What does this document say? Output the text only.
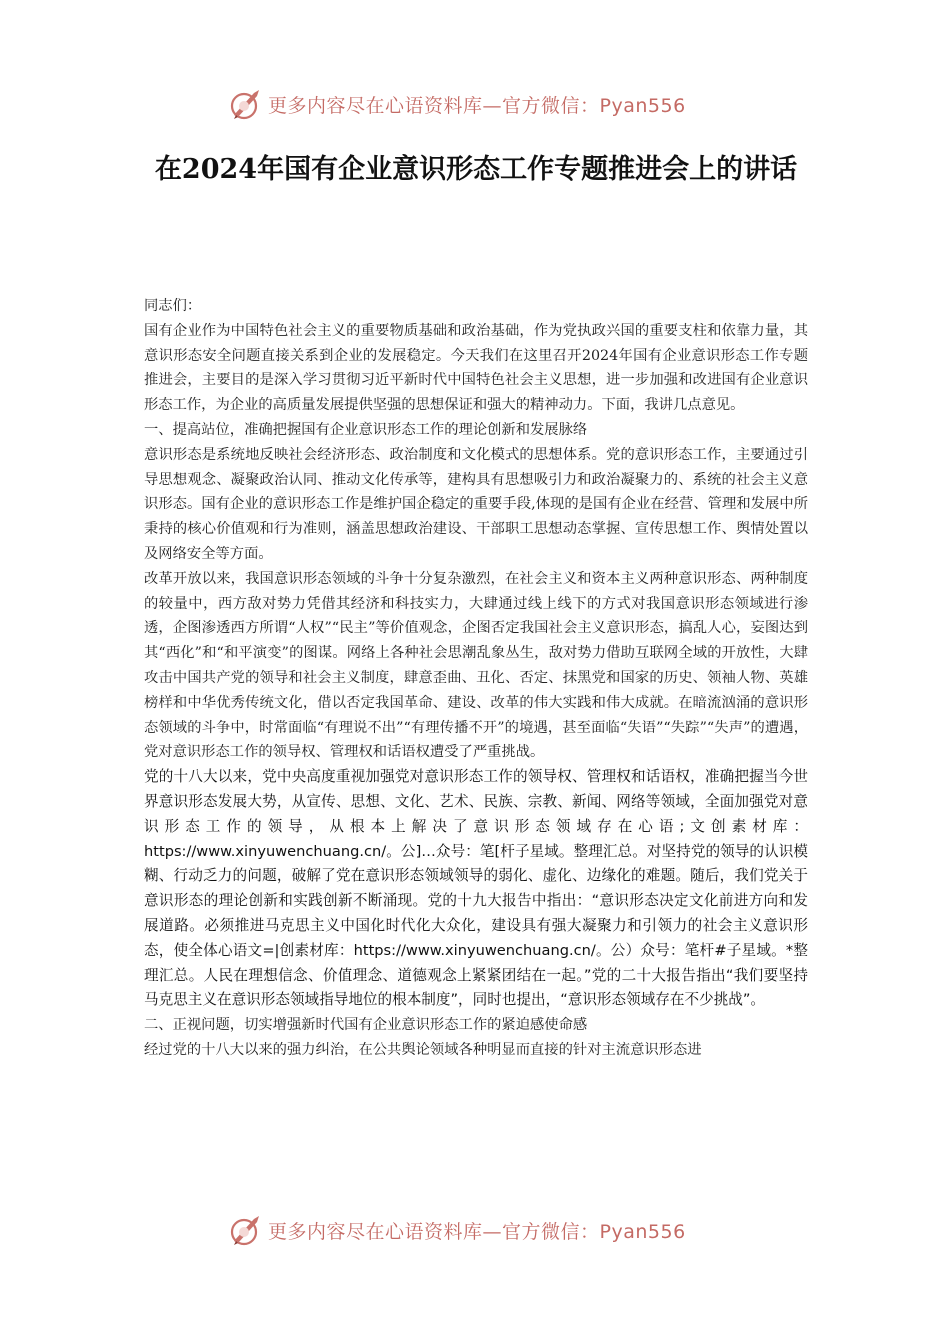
更多内容尽在心语资料库—官方微信：Pyan556
在2024年国有企业意识形态工作专题推进会上的讲话

同志们：

国有企业作为中国特色社会主义的重要物质基础和政治基础，作为党执政兴国的重要支柱和依靠力量，其意识形态安全问题直接关系到企业的发展稳定。今天我们在这里召开2024年国有企业意识形态工作专题推进会，主要目的是深入学习贯彻习近平新时代中国特色社会主义思想，进一步加强和改进国有企业意识形态工作，为企业的高质量发展提供坚强的思想保证和强大的精神动力。下面，我讲几点意见。

一、提高站位，准确把握国有企业意识形态工作的理论创新和发展脉络

意识形态是系统地反映社会经济形态、政治制度和文化模式的思想体系。党的意识形态工作，主要通过引导思想观念、凝聚政治认同、推动文化传承等，建构具有思想吸引力和政治凝聚力的、系统的社会主义意识形态。国有企业的意识形态工作是维护国企稳定的重要手段,体现的是国有企业在经营、管理和发展中所秉持的核心价值观和行为准则，涵盖思想政治建设、干部职工思想动态掌握、宣传思想工作、舆情处置以及网络安全等方面。

改革开放以来，我国意识形态领域的斗争十分复杂激烈，在社会主义和资本主义两种意识形态、两种制度的较量中，西方敌对势力凭借其经济和科技实力，大肆通过线上线下的方式对我国意识形态领域进行渗透，企图渗透西方所谓“人权”“民主”等价值观念，企图否定我国社会主义意识形态，搞乱人心，妄图达到其“西化”和“和平演变”的图谋。网络上各种社会思潮乱象丛生，敌对势力借助互联网全域的开放性，大肆攻击中国共产党的领导和社会主义制度，肆意歪曲、丑化、否定、抹黑党和国家的历史、领袖人物、英雄榜样和中华优秀传统文化，借以否定我国革命、建设、改革的伟大实践和伟大成就。在暗流汹涌的意识形态领域的斗争中，时常面临“有理说不出”“有理传播不开”的境遇，甚至面临“失语”“失踪”“失声”的遭遇，党对意识形态工作的领导权、管理权和话语权遭受了严重挑战。

党的十八大以来，党中央高度重视加强党对意识形态工作的领导权、管理权和话语权，准确把握当今世界意识形态发展大势，从宣传、思想、文化、艺术、民族、宗教、新闻、网络等领域，全面加强党对意识形态工作的领导，从根本上解决了意识形态领域存在心语;文创素材库：https://www.xinyuwenchuang.cn/。公]…众号：笔[杆子星域。整理汇总。对坚持党的领导的认识模糊、行动乏力的问题，破解了党在意识形态领域领导的弱化、虚化、边缘化的难题。随后，我们党关于意识形态的理论创新和实践创新不断涌现。党的十九大报告中指出：“意识形态决定文化前进方向和发展道路。必须推进马克思主义中国化时代化大众化，建设具有强大凝聚力和引领力的社会主义意识形态，使全体心语文=|创素材库：https://www.xinyuwenchuang.cn/。公）众号：笔杆#子星域。*整理汇总。人民在理想信念、价值理念、道德观念上紧紧团结在一起。”党的二十大报告指出“我们要坚持马克思主义在意识形态领域指导地位的根本制度”，同时也提出，“意识形态领域存在不少挑战”。

二、正视问题，切实增强新时代国有企业意识形态工作的紧迫感使命感

经过党的十八大以来的强力纠治，在公共舆论领域各种明显而直接的针对主流意识形态进

更多内容尽在心语资料库—官方微信：Pyan556
